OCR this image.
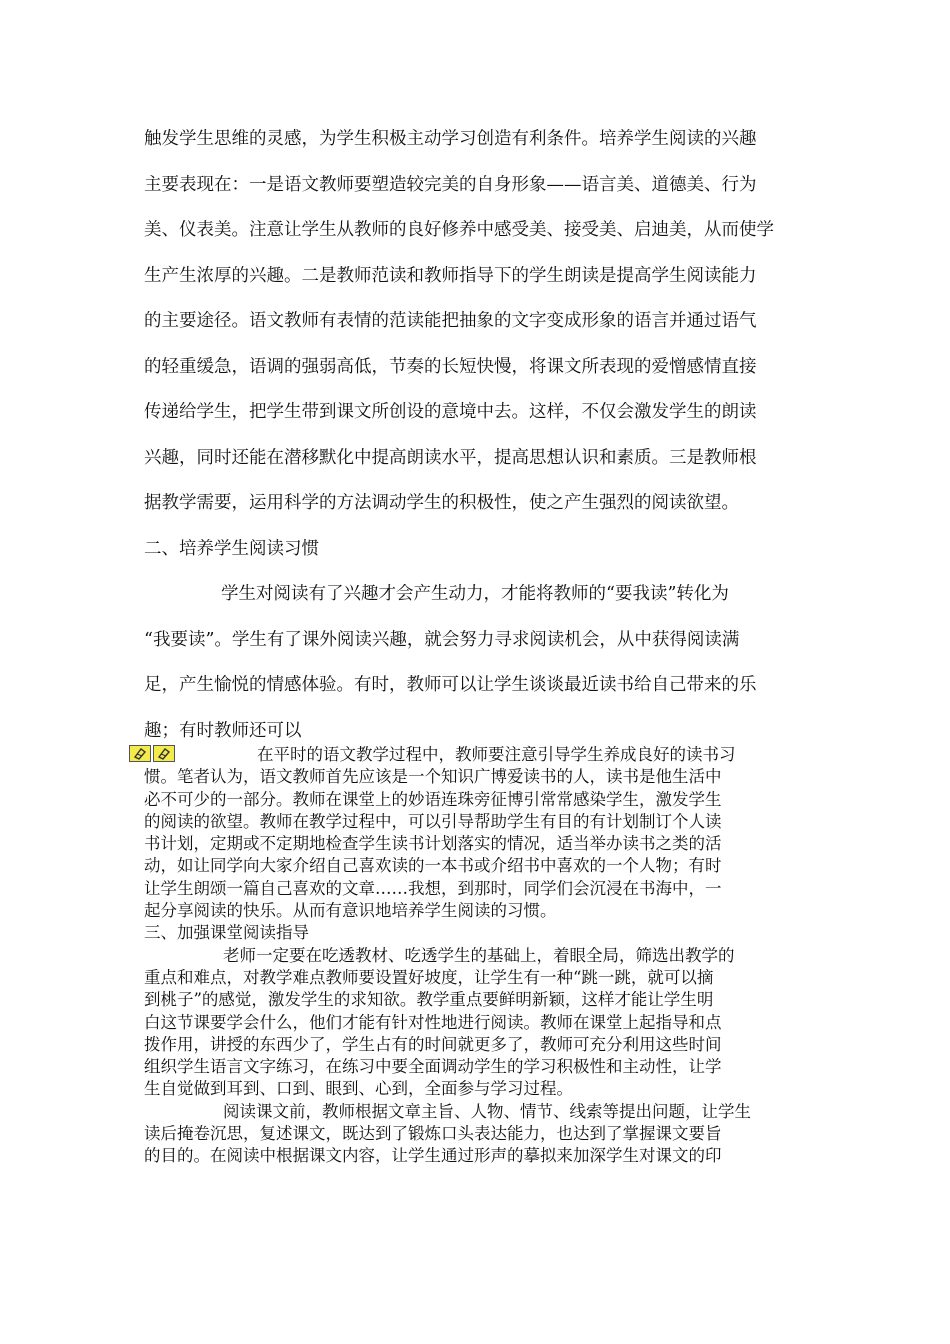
触发学生思维的灵感，为学生积极主动学习创造有利条件。培养学生阅读的兴趣
主要表现在：一是语文教师要塑造较完美的自身形象——语言美、道德美、行为
美、仪表美。注意让学生从教师的良好修养中感受美、接受美、启迪美，从而使学
生产生浓厚的兴趣。二是教师范读和教师指导下的学生朗读是提高学生阅读能力
的主要途径。语文教师有表情的范读能把抽象的文字变成形象的语言并通过语气
的轻重缓急，语调的强弱高低，节奏的长短快慢，将课文所表现的爱憎感情直接
传递给学生，把学生带到课文所创设的意境中去。这样，不仅会激发学生的朗读
兴趣，同时还能在潜移默化中提高朗读水平，提高思想认识和素质。三是教师根
据教学需要，运用科学的方法调动学生的积极性，使之产生强烈的阅读欲望。
二、培养学生阅读习惯
学生对阅读有了兴趣才会产生动力，才能将教师的“要我读”转化为
“我要读”。学生有了课外阅读兴趣，就会努力寻求阅读机会，从中获得阅读满
足，产生愉悦的情感体验。有时，教师可以让学生谈谈最近读书给自己带来的乐
趣；有时教师还可以
在平时的语文教学过程中，教师要注意引导学生养成良好的读书习
惯。笔者认为，语文教师首先应该是一个知识广博爱读书的人，读书是他生活中
必不可少的一部分。教师在课堂上的妙语连珠旁征博引常常感染学生，激发学生
的阅读的欲望。教师在教学过程中，可以引导帮助学生有目的有计划制订个人读
书计划，定期或不定期地检查学生读书计划落实的情况，适当举办读书之类的活
动，如让同学向大家介绍自己喜欢读的一本书或介绍书中喜欢的一个人物；有时
让学生朗颂一篇自己喜欢的文章……我想，到那时，同学们会沉浸在书海中，一
起分享阅读的快乐。从而有意识地培养学生阅读的习惯。
三、加强课堂阅读指导
老师一定要在吃透教材、吃透学生的基础上，着眼全局，筛选出教学的
重点和难点，对教学难点教师要设置好坡度，让学生有一种“跳一跳，就可以摘
到桃子”的感觉，激发学生的求知欲。教学重点要鲜明新颖，这样才能让学生明
白这节课要学会什么，他们才能有针对性地进行阅读。教师在课堂上起指导和点
拨作用，讲授的东西少了，学生占有的时间就更多了，教师可充分利用这些时间
组织学生语言文字练习，在练习中要全面调动学生的学习积极性和主动性，让学
生自觉做到耳到、口到、眼到、心到，全面参与学习过程。
阅读课文前，教师根据文章主旨、人物、情节、线索等提出问题，让学生
读后掩卷沉思，复述课文，既达到了锻炼口头表达能力，也达到了掌握课文要旨
的目的。在阅读中根据课文内容，让学生通过形声的摹拟来加深学生对课文的印
